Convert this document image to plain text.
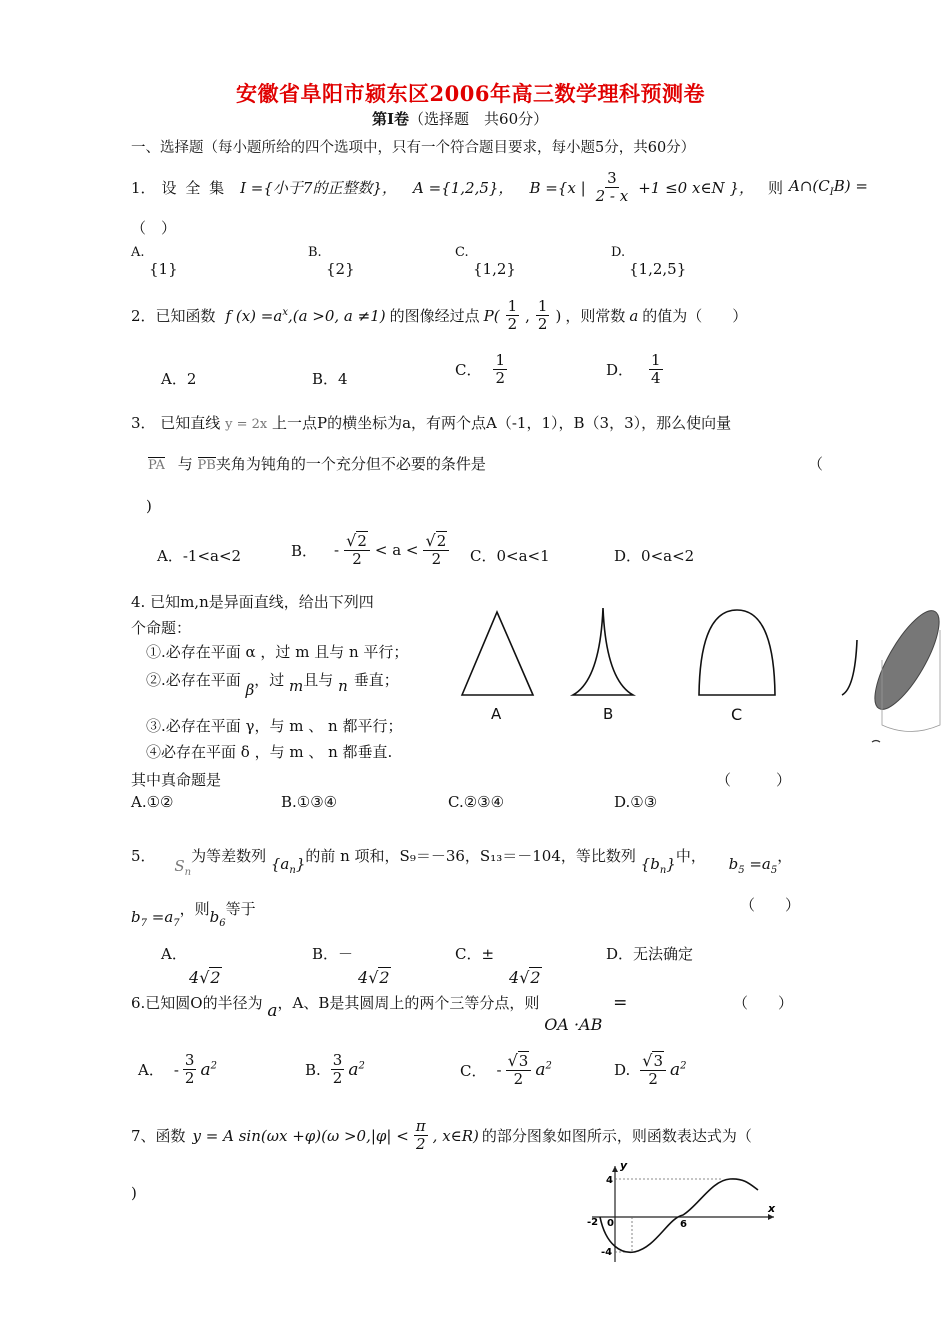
安徽省阜阳市颍东区2006年高三数学理科预测卷
第Ⅰ卷（选择题　共60分）
一、选择题（每小题所给的四个选项中，只有一个符合题目要求，每小题5分，共60分）
1． 设 全 集 I ={小于7的正整数}， A ={1,2,5}， B ={x | $\frac{3}{2 - x} +1 \le 0$ x∈N }， 则 $A\cap(C_IB)$ =
（　）
A.
{1}
B.
{2}
C.
{1,2}
D.
{1,2,5}
2．已知函数 f $(x) =a^x,(a >0$, a ≠1) 的图像经过点 $P( \frac{1}{2}$ , $\frac{1}{2}$ ) ，则常数 a 的值为（　　）
A．2	B．4	C． $\frac{1}{2}$	D． $\frac{1}{4}$
3． 已知直线 y = 2x 上一点P的横坐标为a，有两个点A（-1，1），B（3，3），那么使向量
PA 与 PB夹角为钝角的一个充分但不必要的条件是	（
)
A．-1<a<2	B． - $\frac{√2}{2} < a < \frac{√2}{2}$ C．0<a<1	D．0<a<2
4. 已知m,n是异面直线，给出下列四
个命题：
①.必存在平面 α ，过 m 且与 n 平行；
②.必存在平面 β，过 m且与 n 垂直；
③.必存在平面 γ，与 m 、 n 都平行；
④必存在平面 δ ，与 m 、 n 都垂直.
其中真命题是	（　　　）
A.①②	B.①③④	C.②③④	D.①③
A	B	C
5． $S_n$为等差数列 $\{a_n\}$的前 n 项和，S₉＝－36，S₁₃＝－104，等比数列 $\{b_n\}$中， $b_5 =a_5$，
$b_7 =a_7$，则$b_6$等于	（　　）
A．
4√2
B．－
4√2
C．±
4√2
D．无法确定
6.已知圆O的半径为 a，A、B是其圆周上的两个三等分点，则 OA ·AB =	（　　）
A． - $\frac{3}{2} a^2$	B. $\frac{3}{2} a^2$	C． - $\frac{√3}{2} a^2$	D. $\frac{√3}{2} a^2$
7、函数 y = A $\sin(\omega x +\varphi)(\omega >0,|\varphi| < \frac{\pi}{2}$ , x∈R) 的部分图象如图所示，则函数表达式为（
)
y
x
4
-4
-2 0	6
